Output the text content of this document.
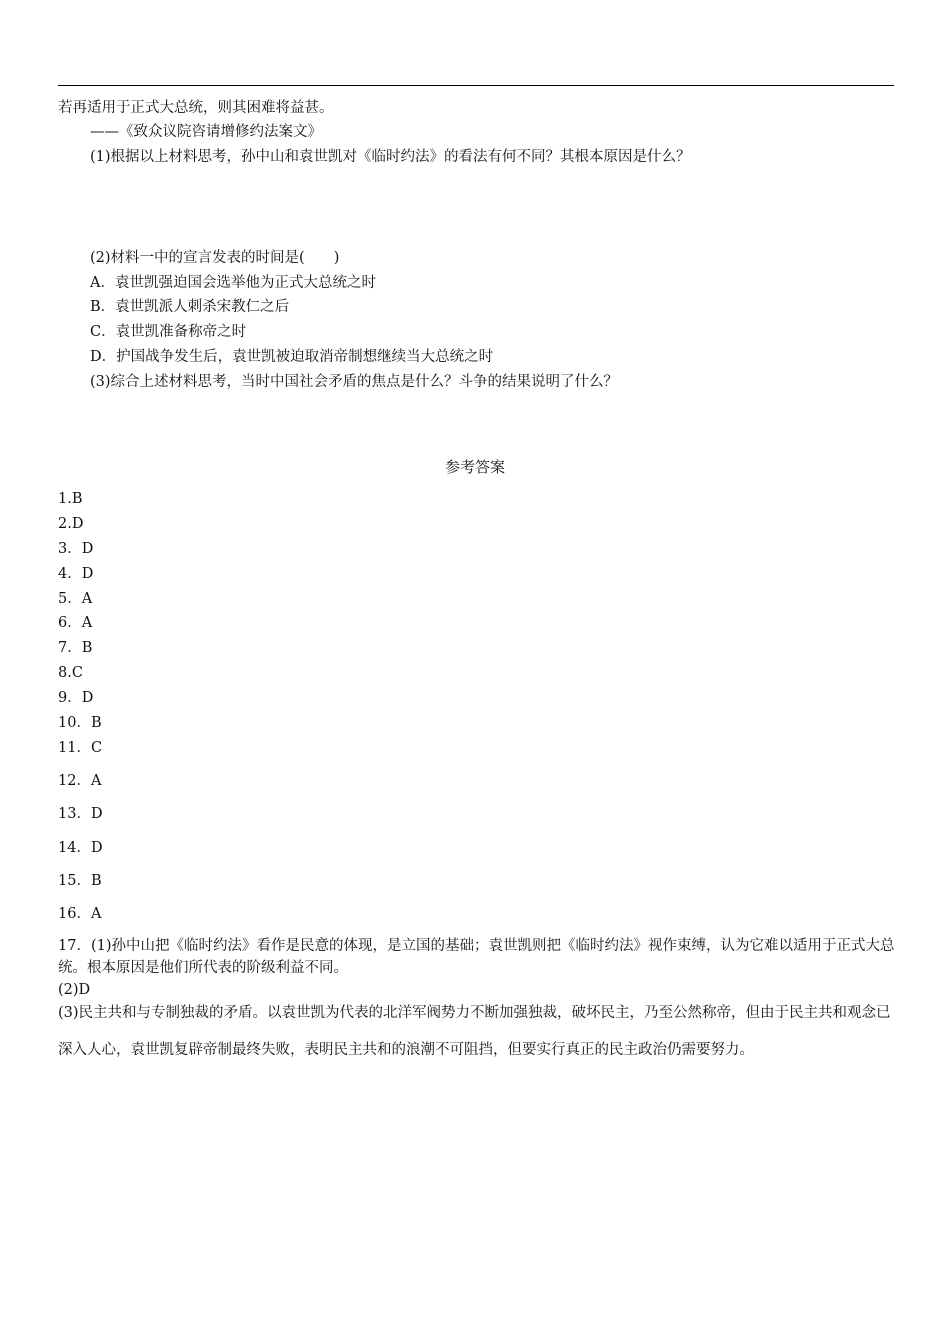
若再适用于正式大总统，则其困难将益甚。
——《致众议院咨请增修约法案文》
(1)根据以上材料思考，孙中山和袁世凯对《临时约法》的看法有何不同？其根本原因是什么？
(2)材料一中的宣言发表的时间是(　　)
A．袁世凯强迫国会选举他为正式大总统之时
B．袁世凯派人刺杀宋教仁之后
C．袁世凯准备称帝之时
D．护国战争发生后，袁世凯被迫取消帝制想继续当大总统之时
(3)综合上述材料思考，当时中国社会矛盾的焦点是什么？斗争的结果说明了什么？
参考答案
1.B
2.D
3．D
4．D
5．A
6．A
7．B
8.C
9．D
10．B
11．C
12．A
13．D
14．D
15．B
16．A
17．(1)孙中山把《临时约法》看作是民意的体现，是立国的基础；袁世凯则把《临时约法》视作束缚，认为它难以适用于正式大总统。根本原因是他们所代表的阶级利益不同。
(2)D
(3)民主共和与专制独裁的矛盾。以袁世凯为代表的北洋军阀势力不断加强独裁，破坏民主，乃至公然称帝，但由于民主共和观念已深入人心，袁世凯复辟帝制最终失败，表明民主共和的浪潮不可阻挡，但要实行真正的民主政治仍需要努力。
